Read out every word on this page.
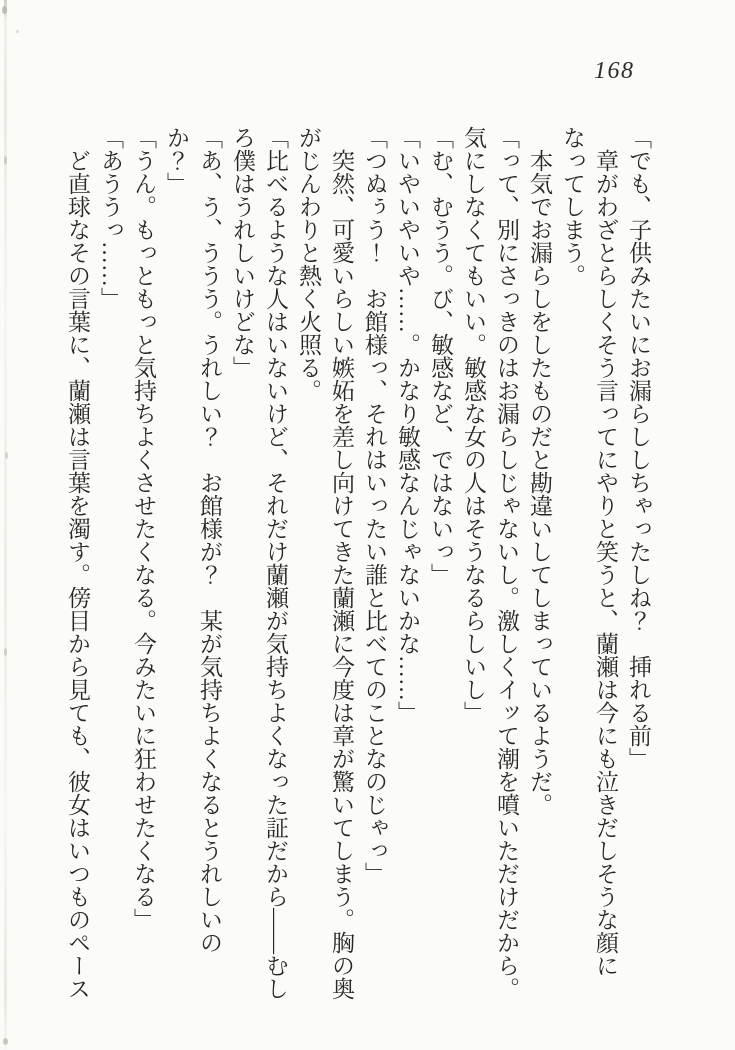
168

「でも、子供みたいにお漏らししちゃったしね？　挿れる前」

　章がわざとらしくそう言ってにやりと笑うと、蘭瀬は今にも泣きだしそうな顔になってしまう。

　本気でお漏らしをしたものだと勘違いしてしまっているようだ。

「って、別にさっきのはお漏らしじゃないし。激しくイッて潮を噴いただけだから。気にしなくてもいい。敏感な女の人はそうなるらしいし」

「む、むうう。び、敏感など、ではないっ」

「いやいやいや……。かなり敏感なんじゃないかな……」

「つぬぅう！　お館様っ、それはいったい誰と比べてのことなのじゃっ」

　突然、可愛いらしい嫉妬を差し向けてきた蘭瀬に今度は章が驚いてしまう。胸の奥がじんわりと熱く火照る。

「比べるような人はいないけど、それだけ蘭瀬が気持ちよくなった証だから——むしろ僕はうれしいけどな」

「あ、う、ううう。うれしい？　お館様が？　某が気持ちよくなるとうれしいのか？」

「うん。もっともっと気持ちよくさせたくなる。今みたいに狂わせたくなる」

「あううっ……」

　ど直球なその言葉に、蘭瀬は言葉を濁す。傍目から見ても、彼女はいつものペース
